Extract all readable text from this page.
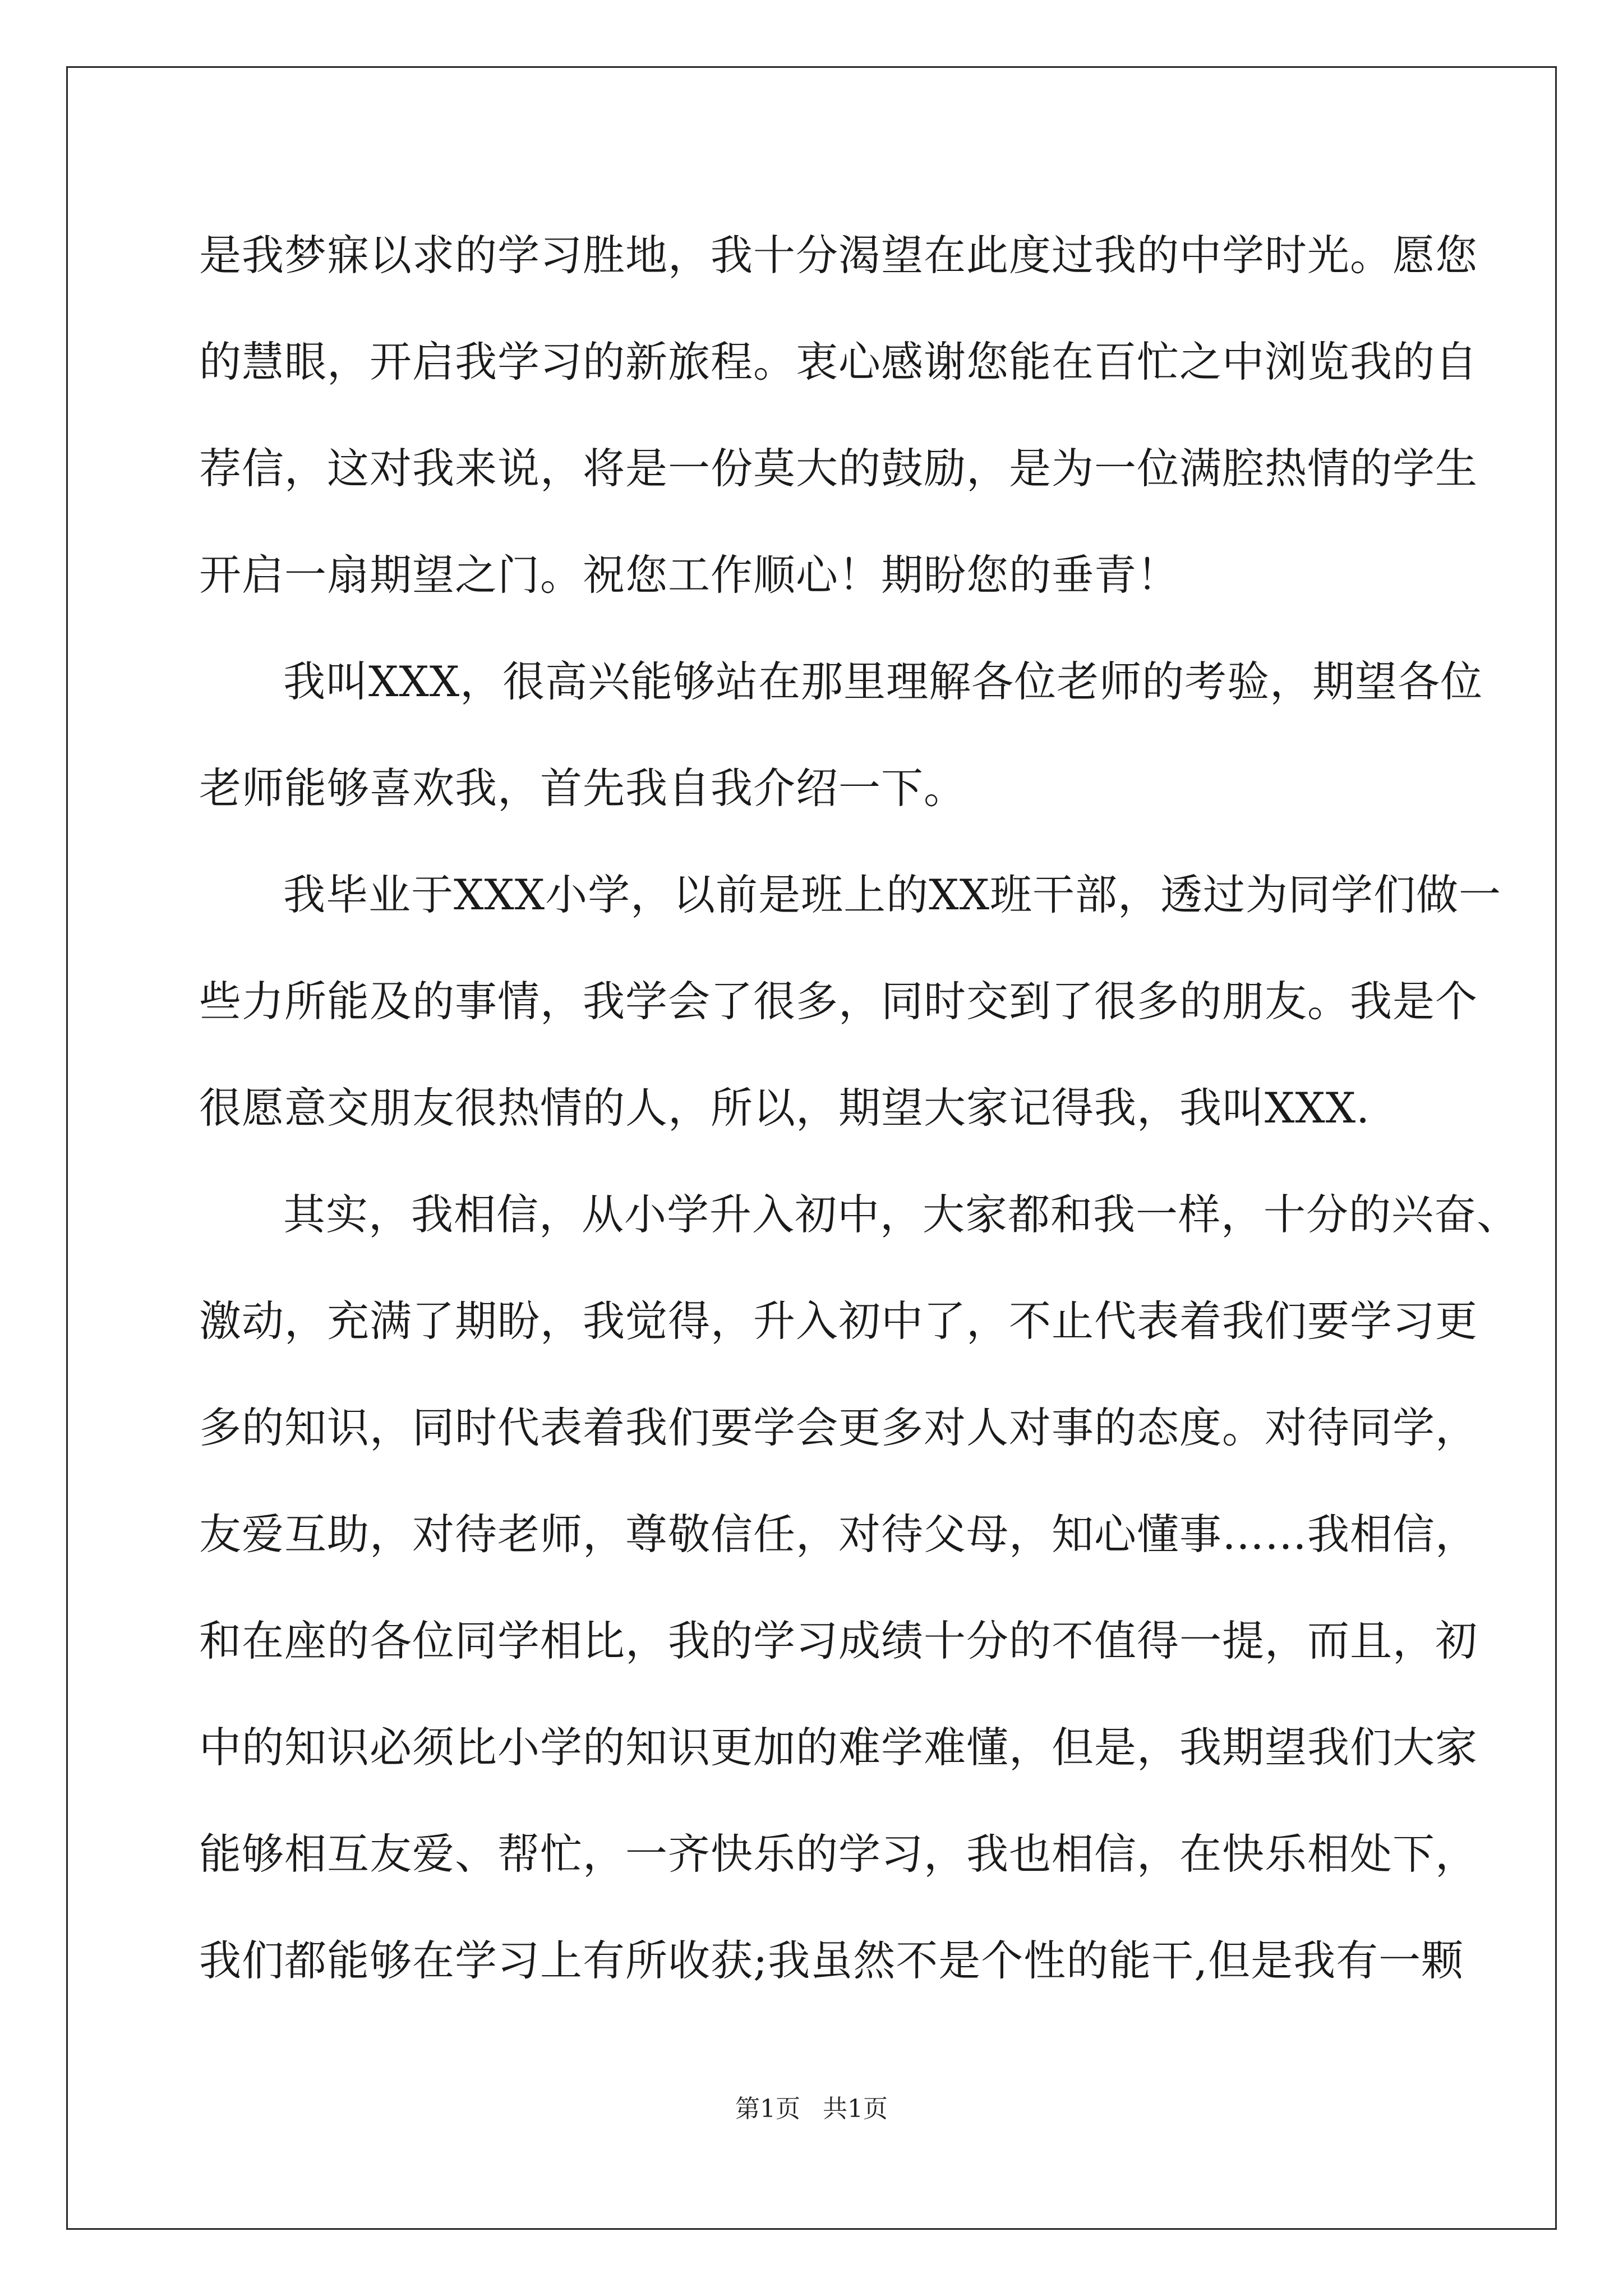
是我梦寐以求的学习胜地，我十分渴望在此度过我的中学时光。愿您
的慧眼，开启我学习的新旅程。衷心感谢您能在百忙之中浏览我的自
荐信，这对我来说，将是一份莫大的鼓励，是为一位满腔热情的学生
开启一扇期望之门。祝您工作顺心！期盼您的垂青！
我叫XXX，很高兴能够站在那里理解各位老师的考验，期望各位
老师能够喜欢我，首先我自我介绍一下。
我毕业于XXX小学，以前是班上的XX班干部，透过为同学们做一
些力所能及的事情，我学会了很多，同时交到了很多的朋友。我是个
很愿意交朋友很热情的人，所以，期望大家记得我，我叫XXX.
其实，我相信，从小学升入初中，大家都和我一样，十分的兴奋、
激动，充满了期盼，我觉得，升入初中了，不止代表着我们要学习更
多的知识，同时代表着我们要学会更多对人对事的态度。对待同学，
友爱互助，对待老师，尊敬信任，对待父母，知心懂事……我相信，
和在座的各位同学相比，我的学习成绩十分的不值得一提，而且，初
中的知识必须比小学的知识更加的难学难懂，但是，我期望我们大家
能够相互友爱、帮忙，一齐快乐的学习，我也相信，在快乐相处下，
我们都能够在学习上有所收获;我虽然不是个性的能干,但是我有一颗
第1页 共1页
